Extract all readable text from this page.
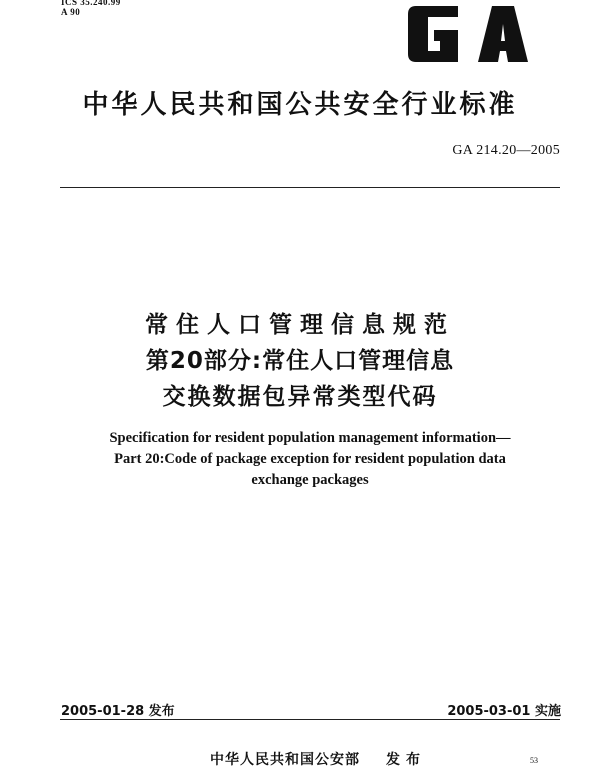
ICS 35.240.99
A 90
中华人民共和国公共安全行业标准
GA 214.20—2005
常住人口管理信息规范
第20部分:常住人口管理信息
交换数据包异常类型代码
Specification for resident population management information—
Part 20:Code of package exception for resident population data
exchange packages
2005-01-28 发布	2005-03-01 实施
中华人民共和国公安部 发布	53
